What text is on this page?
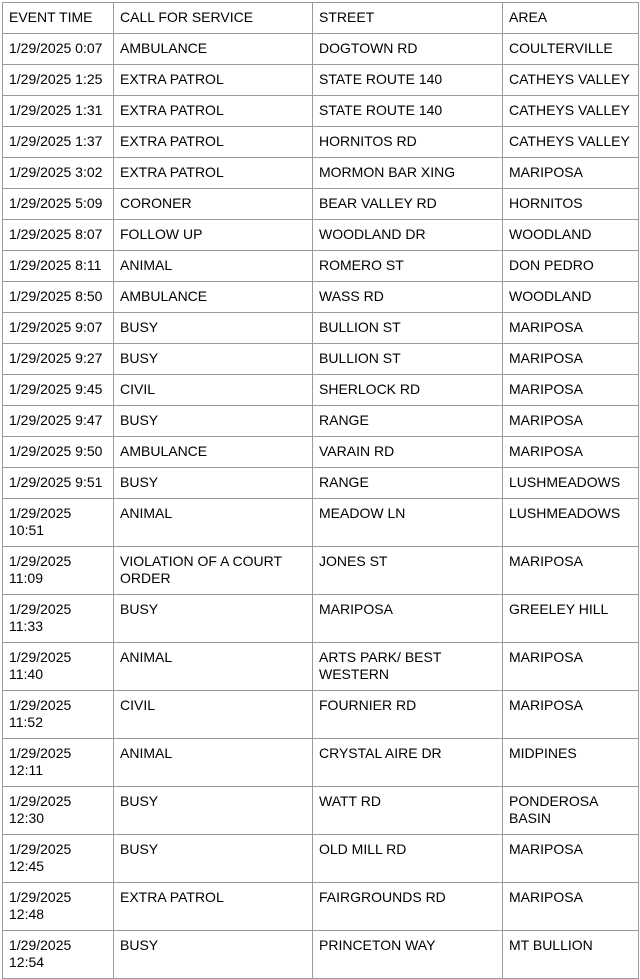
EVENT TIME	CALL FOR SERVICE	STREET	AREA
1/29/2025 0:07	AMBULANCE	DOGTOWN RD	COULTERVILLE
1/29/2025 1:25	EXTRA PATROL	STATE ROUTE 140	CATHEYS VALLEY
1/29/2025 1:31	EXTRA PATROL	STATE ROUTE 140	CATHEYS VALLEY
1/29/2025 1:37	EXTRA PATROL	HORNITOS RD	CATHEYS VALLEY
1/29/2025 3:02	EXTRA PATROL	MORMON BAR XING	MARIPOSA
1/29/2025 5:09	CORONER	BEAR VALLEY RD	HORNITOS
1/29/2025 8:07	FOLLOW UP	WOODLAND DR	WOODLAND
1/29/2025 8:11	ANIMAL	ROMERO ST	DON PEDRO
1/29/2025 8:50	AMBULANCE	WASS RD	WOODLAND
1/29/2025 9:07	BUSY	BULLION ST	MARIPOSA
1/29/2025 9:27	BUSY	BULLION ST	MARIPOSA
1/29/2025 9:45	CIVIL	SHERLOCK RD	MARIPOSA
1/29/2025 9:47	BUSY	RANGE	MARIPOSA
1/29/2025 9:50	AMBULANCE	VARAIN RD	MARIPOSA
1/29/2025 9:51	BUSY	RANGE	LUSHMEADOWS
1/29/2025 10:51	ANIMAL	MEADOW LN	LUSHMEADOWS
1/29/2025 11:09	VIOLATION OF A COURT ORDER	JONES ST	MARIPOSA
1/29/2025 11:33	BUSY	MARIPOSA	GREELEY HILL
1/29/2025 11:40	ANIMAL	ARTS PARK/ BEST WESTERN	MARIPOSA
1/29/2025 11:52	CIVIL	FOURNIER RD	MARIPOSA
1/29/2025 12:11	ANIMAL	CRYSTAL AIRE DR	MIDPINES
1/29/2025 12:30	BUSY	WATT RD	PONDEROSA BASIN
1/29/2025 12:45	BUSY	OLD MILL RD	MARIPOSA
1/29/2025 12:48	EXTRA PATROL	FAIRGROUNDS RD	MARIPOSA
1/29/2025 12:54	BUSY	PRINCETON WAY	MT BULLION
